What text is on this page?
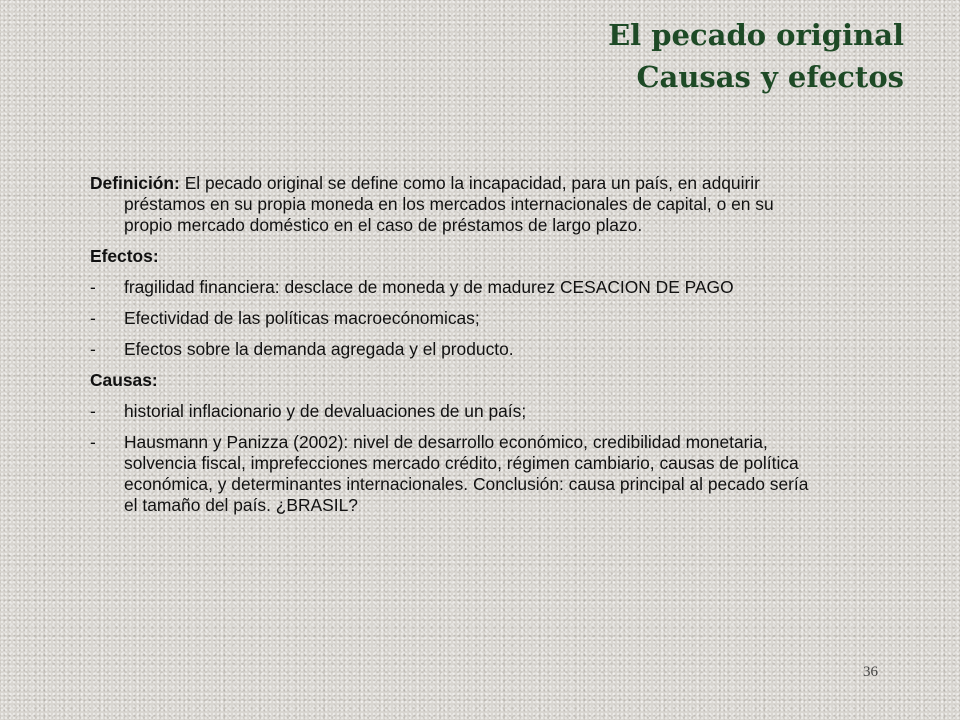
El pecado original
Causas y efectos

Definición: El pecado original se define como la incapacidad, para un país, en adquirir préstamos en su propia moneda en los mercados internacionales de capital, o en su propio mercado doméstico en el caso de préstamos de largo plazo.

Efectos:

- fragilidad financiera: desclace de moneda y de madurez CESACION DE PAGO

- Efectividad de las políticas macroecónomicas;

- Efectos sobre la demanda agregada y el producto.

Causas:

- historial inflacionario y de devaluaciones de un país;

- Hausmann y Panizza (2002): nivel de desarrollo económico, credibilidad monetaria, solvencia fiscal, imprefecciones mercado crédito, régimen cambiario, causas de política económica, y determinantes internacionales. Conclusión: causa principal al pecado sería el tamaño del país. ¿BRASIL?

36
